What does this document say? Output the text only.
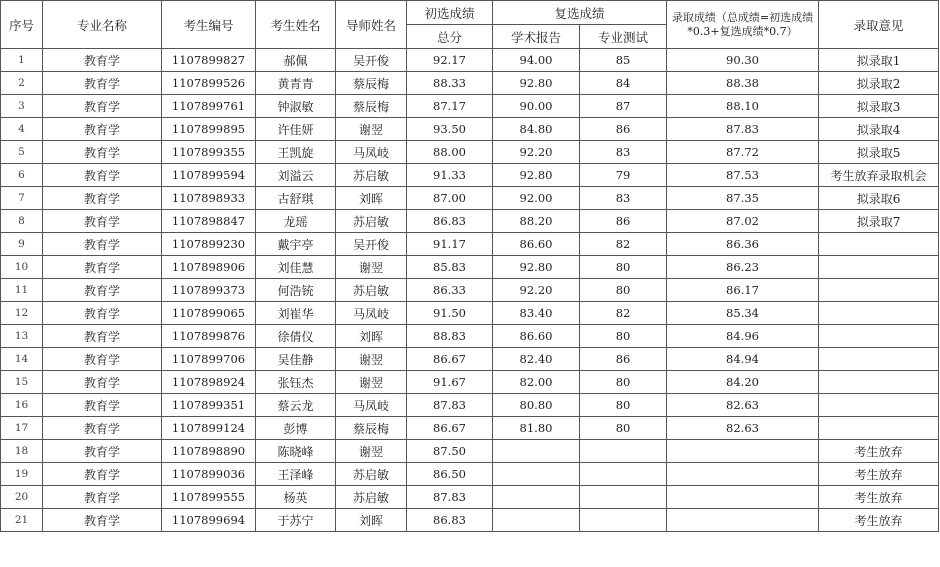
序号	专业名称	考生编号	考生姓名	导师姓名	初选成绩	复选成绩		录取成绩（总成绩=初选成绩*0.3+复选成绩*0.7）	录取意见
					总分	学术报告	专业测试		
1	教育学	1107899827	郝佩	吴开俊	92.17	94.00	85	90.30	拟录取1
2	教育学	1107899526	黄青青	蔡辰梅	88.33	92.80	84	88.38	拟录取2
3	教育学	1107899761	钟淑敏	蔡辰梅	87.17	90.00	87	88.10	拟录取3
4	教育学	1107899895	许佳妍	谢翌	93.50	84.80	86	87.83	拟录取4
5	教育学	1107899355	王凯旋	马凤岐	88.00	92.20	83	87.72	拟录取5
6	教育学	1107899594	刘溢云	苏启敏	91.33	92.80	79	87.53	考生放弃录取机会
7	教育学	1107898933	古舒琪	刘晖	87.00	92.00	83	87.35	拟录取6
8	教育学	1107898847	龙瑶	苏启敏	86.83	88.20	86	87.02	拟录取7
9	教育学	1107899230	戴宇亭	吴开俊	91.17	86.60	82	86.36	
10	教育学	1107898906	刘佳慧	谢翌	85.83	92.80	80	86.23	
11	教育学	1107899373	何浩铳	苏启敏	86.33	92.20	80	86.17	
12	教育学	1107899065	刘崔华	马凤岐	91.50	83.40	82	85.34	
13	教育学	1107899876	徐倩仪	刘晖	88.83	86.60	80	84.96	
14	教育学	1107899706	吴佳静	谢翌	86.67	82.40	86	84.94	
15	教育学	1107898924	张钰杰	谢翌	91.67	82.00	80	84.20	
16	教育学	1107899351	蔡云龙	马凤岐	87.83	80.80	80	82.63	
17	教育学	1107899124	彭博	蔡辰梅	86.67	81.80	80	82.63	
18	教育学	1107898890	陈晓峰	谢翌	87.50				考生放弃
19	教育学	1107899036	王泽峰	苏启敏	86.50				考生放弃
20	教育学	1107899555	杨英	苏启敏	87.83				考生放弃
21	教育学	1107899694	于苏宁	刘晖	86.83				考生放弃
